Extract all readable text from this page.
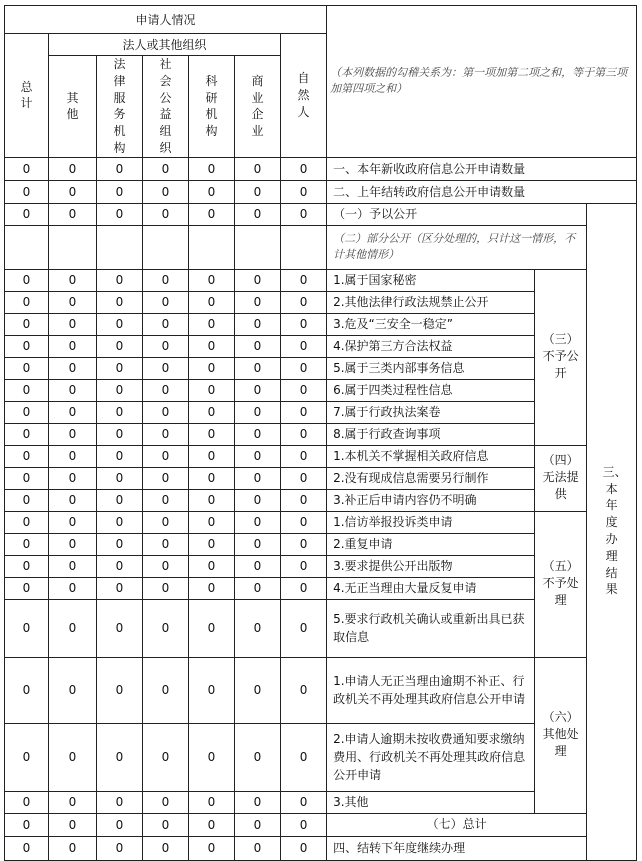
申请人情况							（本列数据的勾稽关系为：第一项加第二项之和，等于第三项加第四项之和）		
总计	法人或其他组织					自然人			
	其他	法律服务机构	社会公益组织	科研机构	商业企业				
0	0	0	0	0	0	0	一、本年新收政府信息公开申请数量		
0	0	0	0	0	0	0	二、上年结转政府信息公开申请数量		
0	0	0	0	0	0	0	（一）予以公开		三、本年度办理结果
							（二）部分公开（区分处理的，只计这一情形，不计其他情形）		
0	0	0	0	0	0	0	1.属于国家秘密	（三）不予公开	
0	0	0	0	0	0	0	2.其他法律行政法规禁止公开		
0	0	0	0	0	0	0	3.危及“三安全一稳定”		
0	0	0	0	0	0	0	4.保护第三方合法权益		
0	0	0	0	0	0	0	5.属于三类内部事务信息		
0	0	0	0	0	0	0	6.属于四类过程性信息		
0	0	0	0	0	0	0	7.属于行政执法案卷		
0	0	0	0	0	0	0	8.属于行政查询事项		
0	0	0	0	0	0	0	1.本机关不掌握相关政府信息	（四）无法提供	
0	0	0	0	0	0	0	2.没有现成信息需要另行制作		
0	0	0	0	0	0	0	3.补正后申请内容仍不明确		
0	0	0	0	0	0	0	1.信访举报投诉类申请	（五）不予处理	
0	0	0	0	0	0	0	2.重复申请		
0	0	0	0	0	0	0	3.要求提供公开出版物		
0	0	0	0	0	0	0	4.无正当理由大量反复申请		
0	0	0	0	0	0	0	5.要求行政机关确认或重新出具已获取信息		
0	0	0	0	0	0	0	1.申请人无正当理由逾期不补正、行政机关不再处理其政府信息公开申请	（六）其他处理	
0	0	0	0	0	0	0	2.申请人逾期未按收费通知要求缴纳费用、行政机关不再处理其政府信息公开申请		
0	0	0	0	0	0	0	3.其他		
0	0	0	0	0	0	0	（七）总计		
0	0	0	0	0	0	0	四、结转下年度继续办理		
